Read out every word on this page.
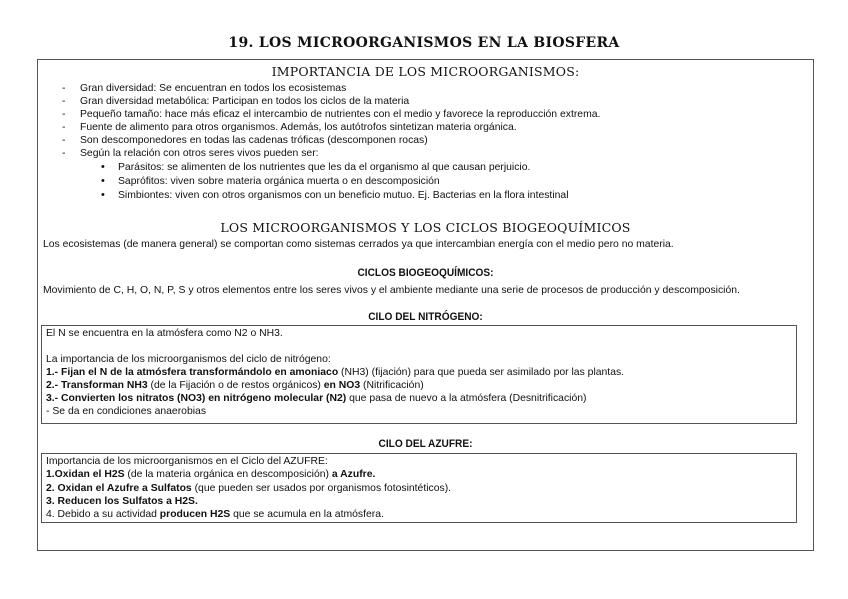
19. LOS MICROORGANISMOS EN LA BIOSFERA
IMPORTANCIA DE LOS MICROORGANISMOS:
- Gran diversidad: Se encuentran en todos los ecosistemas
- Gran diversidad metabólica: Participan en todos los ciclos de la materia
- Pequeño tamaño: hace más eficaz el intercambio de nutrientes con el medio y favorece la reproducción extrema.
- Fuente de alimento para otros organismos. Además, los autótrofos sintetizan materia orgánica.
- Son descomponedores en todas las cadenas tróficas (descomponen rocas)
- Según la relación con otros seres vivos pueden ser:
• Parásitos: se alimenten de los nutrientes que les da el organismo al que causan perjuicio.
• Saprófitos: viven sobre materia orgánica muerta o en descomposición
• Simbiontes: viven con otros organismos con un beneficio mutuo. Ej. Bacterias en la flora intestinal
LOS MICROORGANISMOS Y LOS CICLOS BIOGEOQUÍMICOS
Los ecosistemas (de manera general) se comportan como sistemas cerrados ya que intercambian energía con el medio pero no materia.
CICLOS BIOGEOQUÍMICOS:
Movimiento de C, H, O, N, P, S y otros elementos entre los seres vivos y el ambiente mediante una serie de procesos de producción y descomposición.
CILO DEL NITRÓGENO:
El N se encuentra en la atmósfera como N2 o NH3.
La importancia de los microorganismos del ciclo de nitrógeno:
1.- Fijan el N de la atmósfera transformándolo en amoniaco (NH3) (fijación) para que pueda ser asimilado por las plantas.
2.- Transforman NH3 (de la Fijación o de restos orgánicos) en NO3 (Nitrificación)
3.- Convierten los nitratos (NO3) en nitrógeno molecular (N2) que pasa de nuevo a la atmósfera (Desnitrificación)
- Se da en condiciones anaerobias
CILO DEL AZUFRE:
Importancia de los microorganismos en el Ciclo del AZUFRE:
1.Oxidan el H2S (de la materia orgánica en descomposición) a Azufre.
2. Oxidan el Azufre a Sulfatos (que pueden ser usados por organismos fotosintéticos).
3. Reducen los Sulfatos a H2S.
4. Debido a su actividad producen H2S que se acumula en la atmósfera.
